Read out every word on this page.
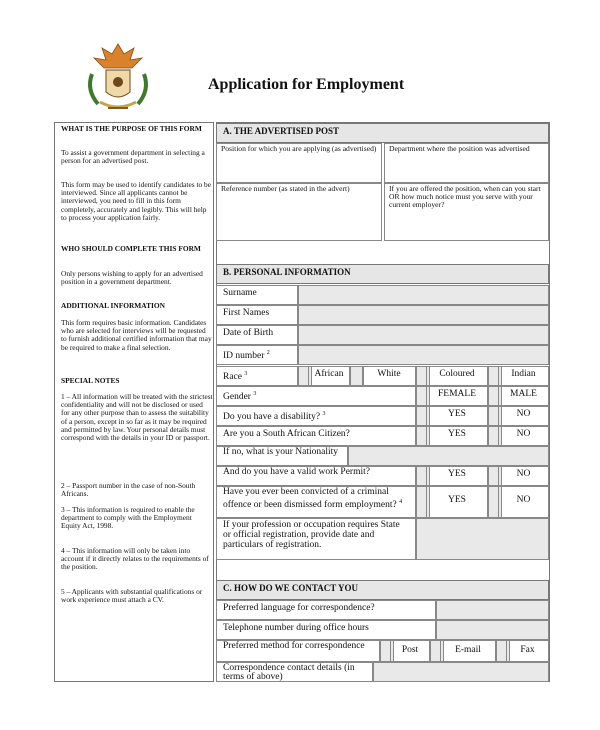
Application for Employment

WHAT IS THE PURPOSE OF THIS FORM

To assist a government department in selecting a person for an advertised post.

This form may be used to identify candidates to be interviewed. Since all applicants cannot be interviewed, you need to fill in this form completely, accurately and legibly. This will help to process your application fairly.

WHO SHOULD COMPLETE THIS FORM

Only persons wishing to apply for an advertised position in a government department.

ADDITIONAL INFORMATION

This form requires basic information. Candidates who are selected for interviews will be requested to furnish additional certified information that may be required to make a final selection.

SPECIAL NOTES

1 – All information will be treated with the strictest confidentiality and will not be disclosed or used for any other purpose than to assess the suitability of a person, except in so far as it may be required and permitted by law. Your personal details must correspond with the details in your ID or passport.

2 – Passport number in the case of non-South Africans.

3 – This information is required to enable the department to comply with the Employment Equity Act, 1998.

4 – This information will only be taken into account if it directly relates to the requirements of the position.

5 – Applicants with substantial qualifications or work experience must attach a CV.

A. THE ADVERTISED POST
Position for which you are applying (as advertised)	Department where the position was advertised
Reference number (as stated in the advert)	If you are offered the position, when can you start OR how much notice must you serve with your current employer?
B. PERSONAL INFORMATION
Surname
First Names
Date of Birth
ID number $^2$
Race $^3$	African	White	Coloured	Indian
Gender $^3$	FEMALE	MALE
Do you have a disability? $^3$	YES	NO
Are you a South African Citizen?	YES	NO
If no, what is your Nationality
And do you have a valid work Permit?	YES	NO
Have you ever been convicted of a criminal offence or been dismissed form employment? $^4$	YES	NO
If your profession or occupation requires State or official registration, provide date and particulars of registration.
C. HOW DO WE CONTACT YOU
Preferred language for correspondence?
Telephone number during office hours
Preferred method for correspondence	Post	E-mail	Fax
Correspondence contact details (in terms of above)
